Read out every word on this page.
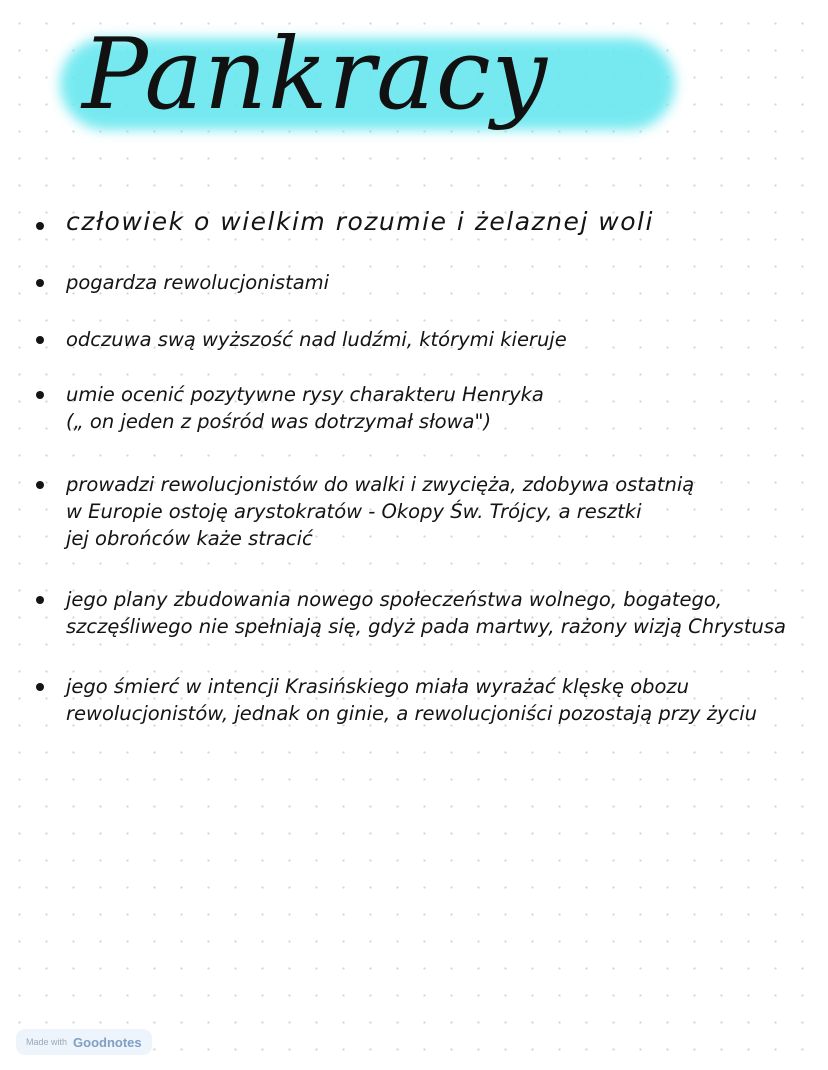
Pankracy
człowiek o wielkim rozumie i żelaznej woli
pogardza rewolucjonistami
odczuwa swą wyższość nad ludźmi, którymi kieruje
umie ocenić pozytywne rysy charakteru Henryka
(„ on jeden z pośród was dotrzymał słowa")
prowadzi rewolucjonistów do walki i zwycięża, zdobywa ostatnią
w Europie ostoję arystokratów - Okopy Św. Trójcy, a resztki
jej obrońców każe stracić
jego plany zbudowania nowego społeczeństwa wolnego, bogatego,
szczęśliwego nie spełniają się, gdyż pada martwy, rażony wizją Chrystusa
jego śmierć w intencji Krasińskiego miała wyrażać klęskę obozu
rewolucjonistów, jednak on ginie, a rewolucjoniści pozostają przy życiu
Made with Goodnotes
